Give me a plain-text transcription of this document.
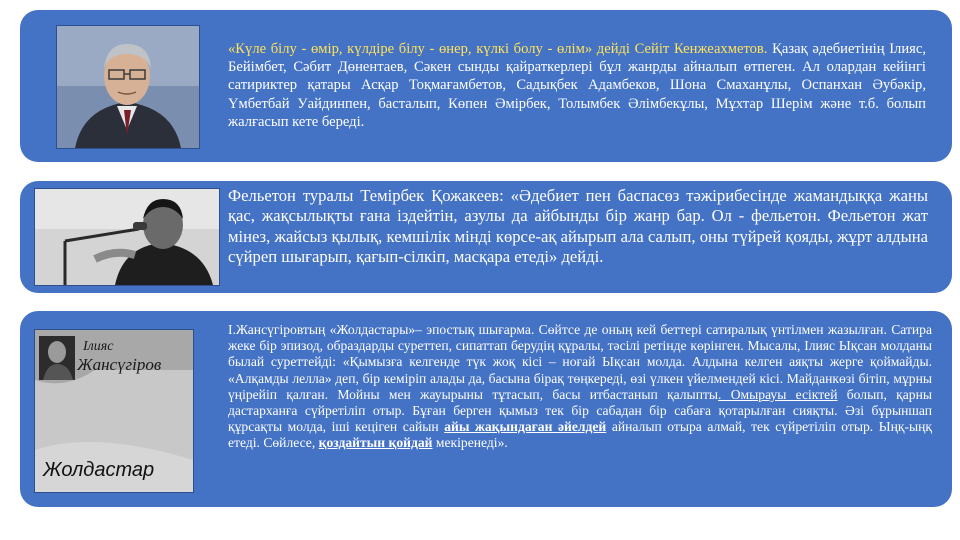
«Күле білу - өмір, күлдіре білу - өнер, күлкі болу - өлім» дейді Сейіт Кенжеахметов. Қазақ әдебиетінің Ілияс, Бейімбет, Сәбит Дөнентаев, Сәкен сынды қайраткерлері бұл жанрды айналып өтпеген. Ал олардан кейінгі сатириктер қатары Асқар Тоқмағамбетов, Садықбек Адамбеков, Шона Смаханұлы, Оспанхан Әубәкір, Үмбетбай Уайдинпен, басталып, Көпен Әмірбек, Толымбек Әлімбекұлы, Мұхтар Шерім және т.б. болып жалғасып кете береді.
Фельетон туралы Темірбек Қожакеев: «Әдебиет пен баспасөз тәжірибесінде жамандыққа жаны қас, жақсылықты ғана іздейтін, азулы да айбынды бір жанр бар. Ол - фельетон. Фельетон жат мінез, жайсыз қылық, кемшілік мінді көрсе-ақ айырып ала салып, оны түйрей қояды, жұрт алдына сүйреп шығарып, қағып-сілкіп, масқара етеді» дейді.
Ілияс
Жансүгіров
Жолдастар
І.Жансүгіровтың «Жолдастары»– эпостық шығарма. Сөйтсе де оның кей беттері сатиралық үнтілмен жазылған. Сатира жеке бір эпизод, образдарды суреттеп, сипаттап берудің құралы, тәсілі ретінде көрінген. Мысалы, Ілияс Ықсан молданы былай суреттейді: «Қымызға келгенде түк жоқ кісі – ноғай Ықсан молда. Алдына келген аяқты жерге қоймайды. «Алқамды лелла» деп, бір кеміріп алады да, басына бірақ төңкереді, өзі үлкен үйелмендей кісі. Майданкөзі бітіп, мұрны үңірейіп қалған. Мойны мен жауырыны тұтасып, басы итбастанып қалыпты. Омырауы есіктей болып, қарны дастарханға сүйретіліп отыр. Бұған берген қымыз тек бір сабадан бір сабаға қотарылған сияқты. Әзі бұрыншап құрсақты молда, іші кеціген сайын айы жақындаған әйелдей айналып отыра алмай, тек сүйретіліп отыр. Ыңқ-ыңқ етеді. Сөйлесе, қоздайтын қойдай мекіренеді».
